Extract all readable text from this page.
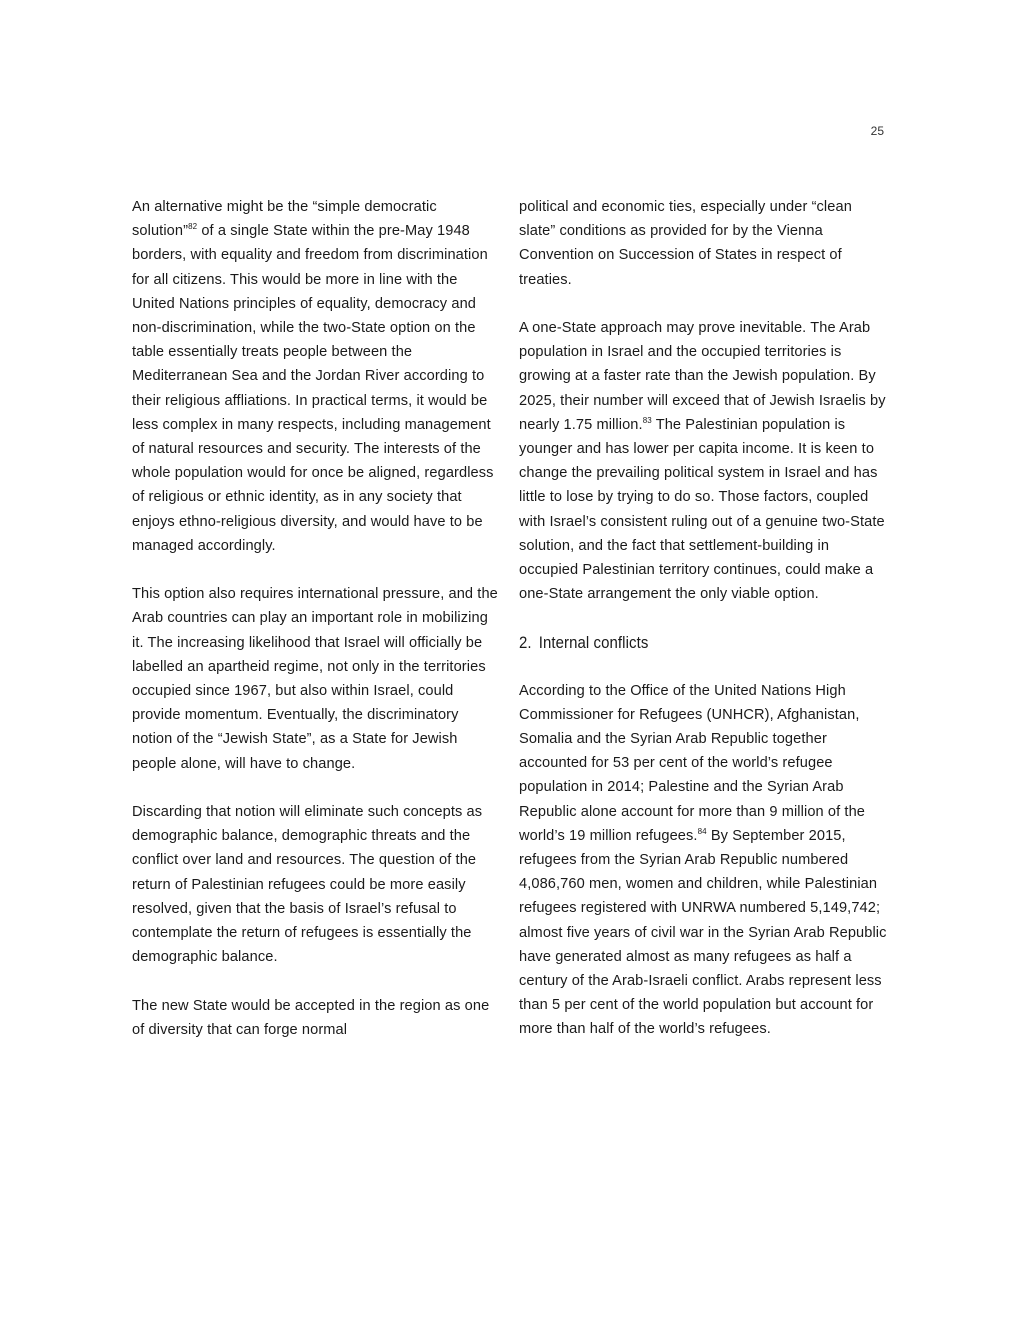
25

An alternative might be the “simple democratic solution”$^{82}$ of a single State within the pre-May 1948 borders, with equality and freedom from discrimination for all citizens. This would be more in line with the United Nations principles of equality, democracy and non-discrimination, while the two-State option on the table essentially treats people between the Mediterranean Sea and the Jordan River according to their religious affliations. In practical terms, it would be less complex in many respects, including management of natural resources and security. The interests of the whole population would for once be aligned, regardless of religious or ethnic identity, as in any society that enjoys ethno-religious diversity, and would have to be managed accordingly.

This option also requires international pressure, and the Arab countries can play an important role in mobilizing it. The increasing likelihood that Israel will officially be labelled an apartheid regime, not only in the territories occupied since 1967, but also within Israel, could provide momentum. Eventually, the discriminatory notion of the “Jewish State”, as a State for Jewish people alone, will have to change.

Discarding that notion will eliminate such concepts as demographic balance, demographic threats and the conflict over land and resources. The question of the return of Palestinian refugees could be more easily resolved, given that the basis of Israel’s refusal to contemplate the return of refugees is essentially the demographic balance.

The new State would be accepted in the region as one of diversity that can forge normal

political and economic ties, especially under “clean slate” conditions as provided for by the Vienna Convention on Succession of States in respect of treaties.

A one-State approach may prove inevitable. The Arab population in Israel and the occupied territories is growing at a faster rate than the Jewish population. By 2025, their number will exceed that of Jewish Israelis by nearly 1.75 million.$^{83}$ The Palestinian population is younger and has lower per capita income. It is keen to change the prevailing political system in Israel and has little to lose by trying to do so. Those factors, coupled with Israel’s consistent ruling out of a genuine two-State solution, and the fact that settlement-building in occupied Palestinian territory continues, could make a one-State arrangement the only viable option.

2. Internal conflicts

According to the Office of the United Nations High Commissioner for Refugees (UNHCR), Afghanistan, Somalia and the Syrian Arab Republic together accounted for 53 per cent of the world’s refugee population in 2014; Palestine and the Syrian Arab Republic alone account for more than 9 million of the world’s 19 million refugees.$^{84}$ By September 2015, refugees from the Syrian Arab Republic numbered 4,086,760 men, women and children, while Palestinian refugees registered with UNRWA numbered 5,149,742; almost five years of civil war in the Syrian Arab Republic have generated almost as many refugees as half a century of the Arab-Israeli conflict. Arabs represent less than 5 per cent of the world population but account for more than half of the world’s refugees.
